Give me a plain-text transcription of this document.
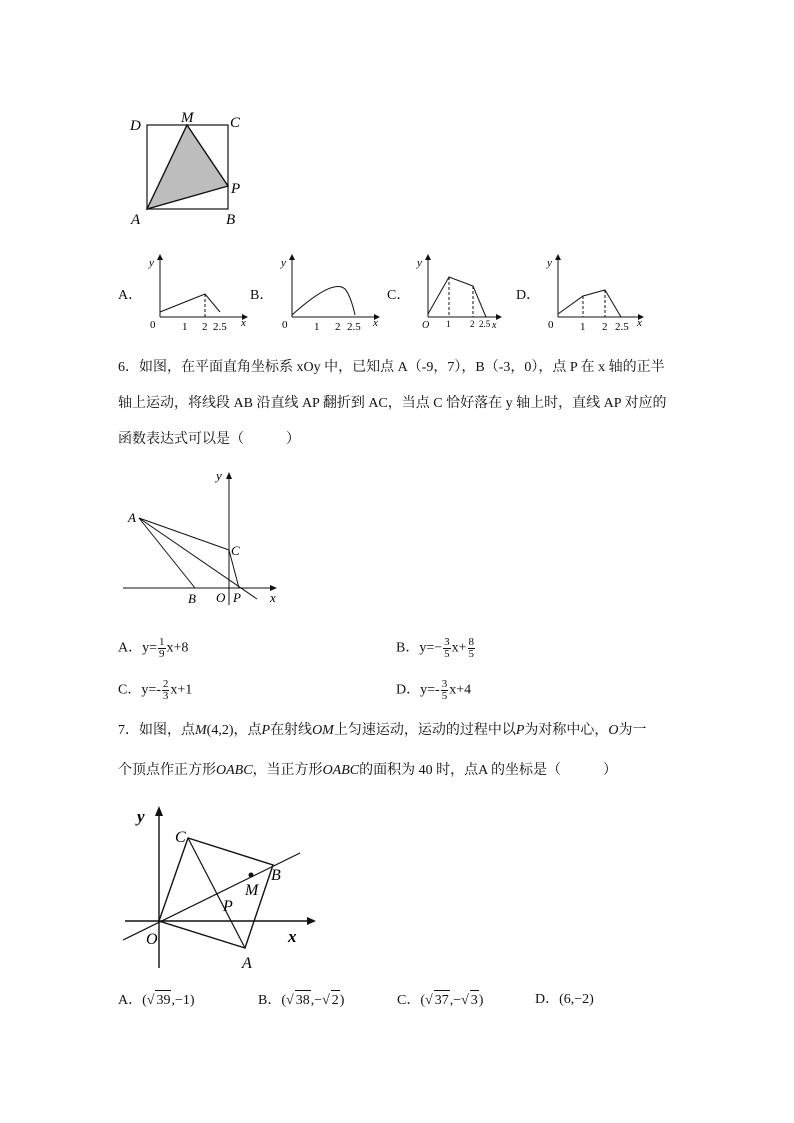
D	M C
P
A	B
A．
y
x
0 1 2 2.5
B．
y
x
0 1 2 2.5
C．
y
x
O 1 2 2.5
D．
y
x
0 1 2 2.5
6．如图，在平面直角坐标系 xOy 中，已知点 A（-9，7），B（-3，0），点 P 在 x 轴的正半
轴上运动，将线段 AB 沿直线 AP 翻折到 AC，当点 C 恰好落在 y 轴上时，直线 AP 对应的
函数表达式可以是（　　　）
y
x
A
C
B O P
A．$y= \frac{1}{9} x+8$	B．$y=- \frac{3}{5} x+ \frac{8}{5}$
C．$y=- \frac{2}{3} x+1$	D．$y=- \frac{3}{5} x+4$
7．如图，点M(4,2)，点P在射线OM上匀速运动，运动的过程中以P为对称中心，O为一
个顶点作正方形OABC，当正方形OABC的面积为 40 时，点A 的坐标是（　　　）
y
x
C
B
M
P
O
A
A．(√ 39,−1)	B．(√ 38,−√ 2)	C．(√ 37,−√ 3)	D．(6,−2)
